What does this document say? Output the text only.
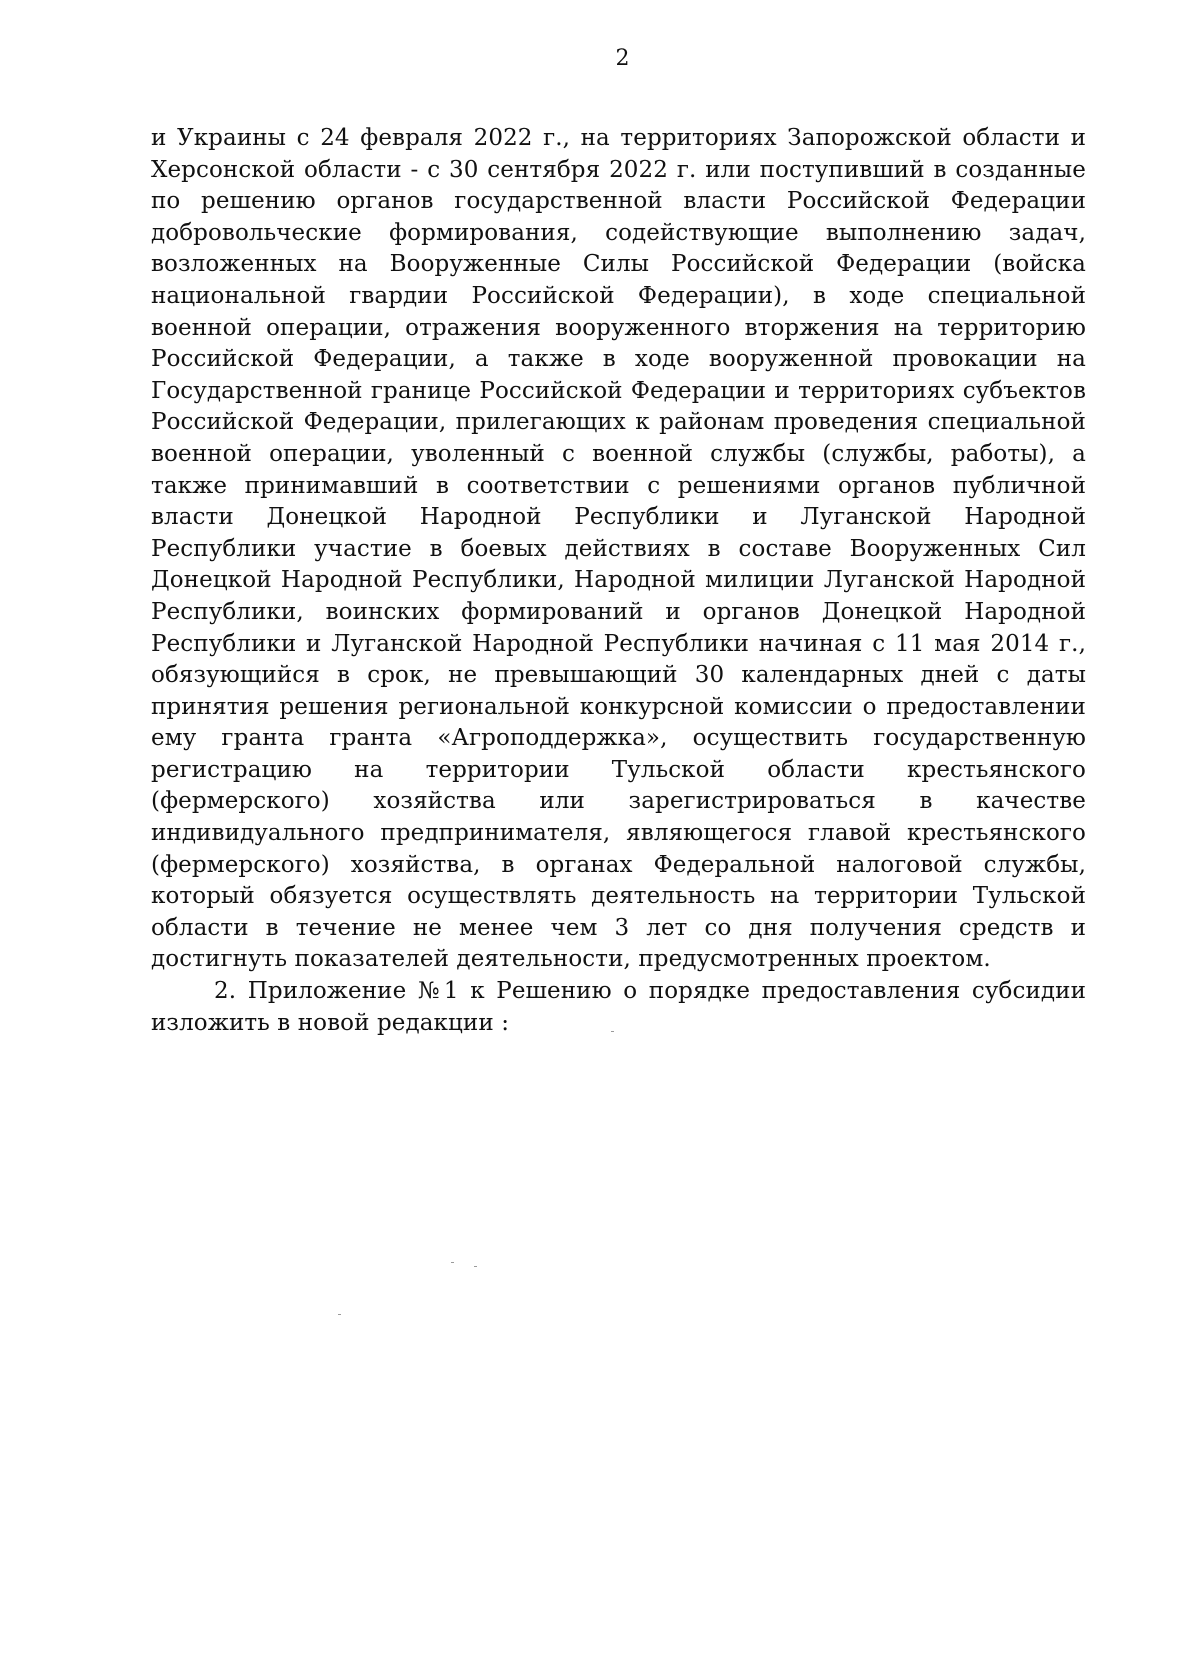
2

и Украины с 24 февраля 2022 г., на территориях Запорожской области и Херсонской области - с 30 сентября 2022 г. или поступивший в созданные по решению органов государственной власти Российской Федерации добровольческие формирования, содействующие выполнению задач, возложенных на Вооруженные Силы Российской Федерации (войска национальной гвардии Российской Федерации), в ходе специальной военной операции, отражения вооруженного вторжения на территорию Российской Федерации, а также в ходе вооруженной провокации на Государственной границе Российской Федерации и территориях субъектов Российской Федерации, прилегающих к районам проведения специальной военной операции, уволенный с военной службы (службы, работы), а также принимавший в соответствии с решениями органов публичной власти Донецкой Народной Республики и Луганской Народной Республики участие в боевых действиях в составе Вооруженных Сил Донецкой Народной Республики, Народной милиции Луганской Народной Республики, воинских формирований и органов Донецкой Народной Республики и Луганской Народной Республики начиная с 11 мая 2014 г., обязующийся в срок, не превышающий 30 календарных дней с даты принятия решения региональной конкурсной комиссии о предоставлении ему гранта гранта «Агроподдержка», осуществить государственную регистрацию на территории Тульской области крестьянского (фермерского) хозяйства или зарегистрироваться в качестве индивидуального предпринимателя, являющегося главой крестьянского (фермерского) хозяйства, в органах Федеральной налоговой службы, который обязуется осуществлять деятельность на территории Тульской области в течение не менее чем 3 лет со дня получения средств и достигнуть показателей деятельности, предусмотренных проектом.

2. Приложение №1 к Решению о порядке предоставления субсидии изложить в новой редакции :
